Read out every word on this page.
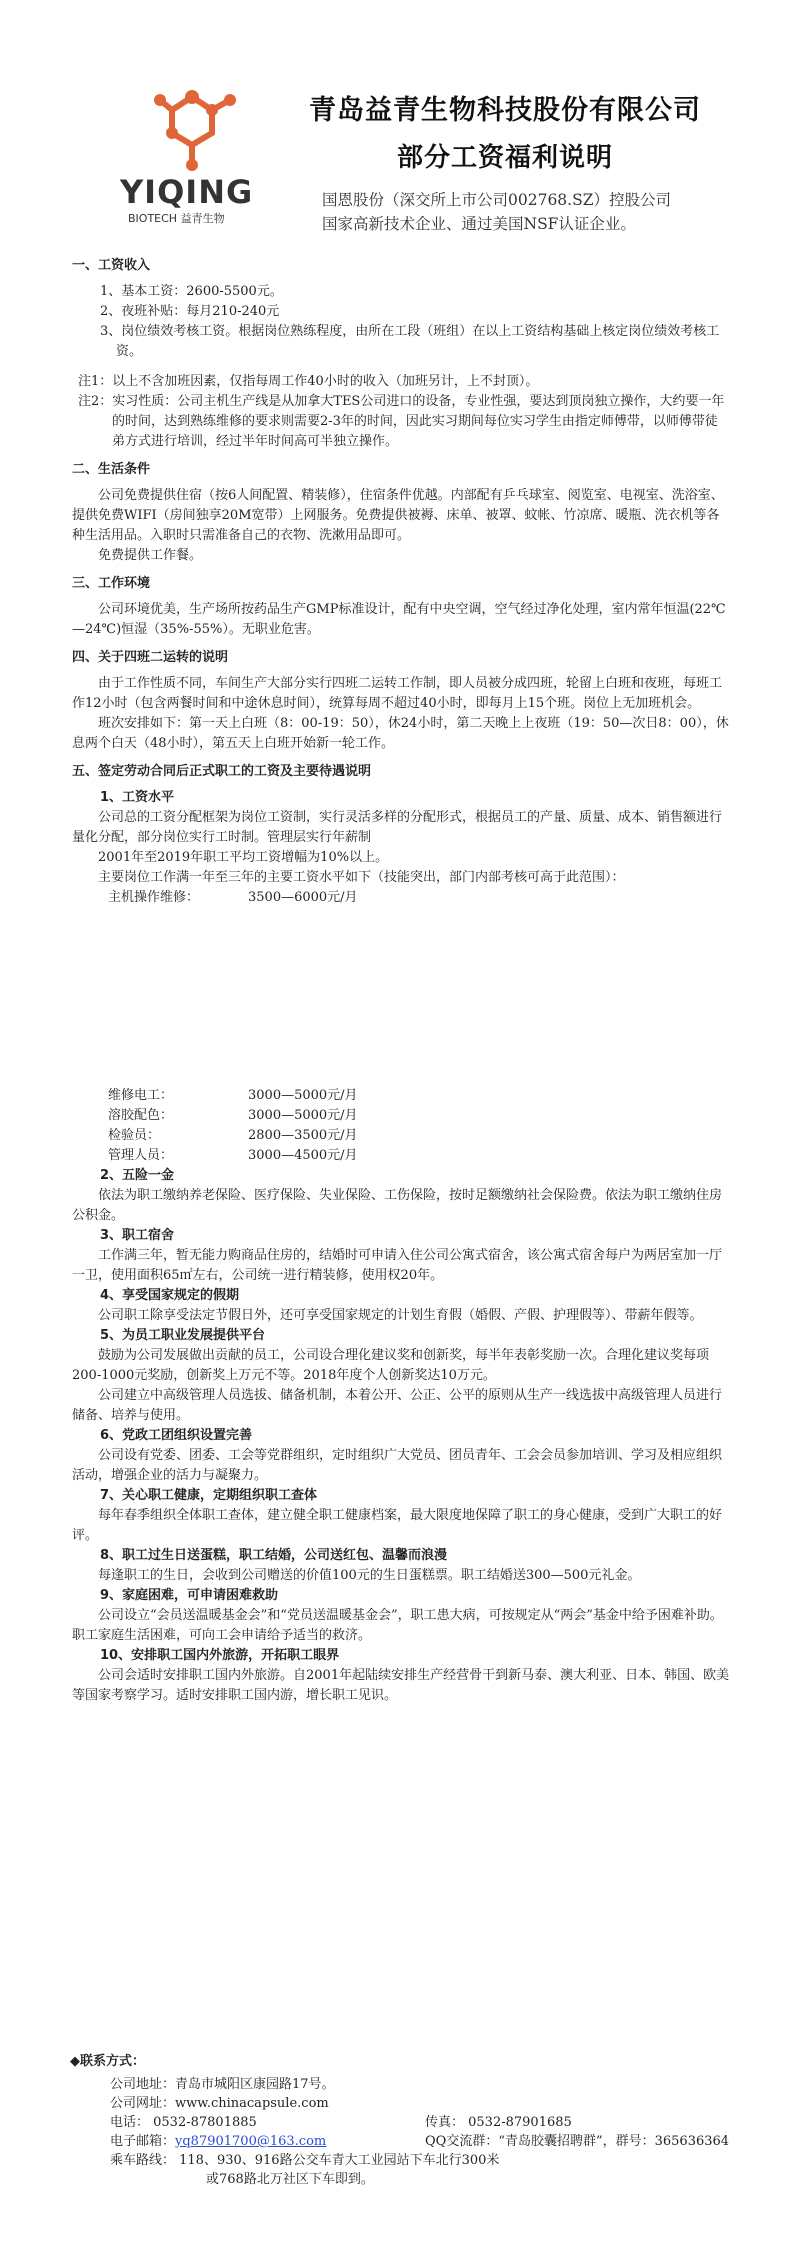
YIQING
BIOTECH 益青生物
青岛益青生物科技股份有限公司
部分工资福利说明
国恩股份（深交所上市公司002768.SZ）控股公司
国家高新技术企业、通过美国NSF认证企业。
一、工资收入

1、基本工资：2600-5500元。

2、夜班补贴：每月210-240元

3、岗位绩效考核工资。根据岗位熟练程度，由所在工段（班组）在以上工资结构基础上核定岗位绩效考核工资。

注1：以上不含加班因素，仅指每周工作40小时的收入（加班另计，上不封顶）。

注2：实习性质：公司主机生产线是从加拿大TES公司进口的设备，专业性强，要达到顶岗独立操作，大约要一年的时间，达到熟练维修的要求则需要2-3年的时间，因此实习期间每位实习学生由指定师傅带，以师傅带徒弟方式进行培训，经过半年时间高可半独立操作。

二、生活条件

公司免费提供住宿（按6人间配置、精装修），住宿条件优越。内部配有乒乓球室、阅览室、电视室、洗浴室、提供免费WIFI（房间独享20M宽带）上网服务。免费提供被褥、床单、被罩、蚊帐、竹凉席、暖瓶、洗衣机等各种生活用品。入职时只需准备自己的衣物、洗漱用品即可。

免费提供工作餐。

三、工作环境

公司环境优美，生产场所按药品生产GMP标准设计，配有中央空调，空气经过净化处理，室内常年恒温(22℃—24℃)恒湿（35%-55%）。无职业危害。

四、关于四班二运转的说明

由于工作性质不同，车间生产大部分实行四班二运转工作制，即人员被分成四班，轮留上白班和夜班，每班工作12小时（包含两餐时间和中途休息时间），统算每周不超过40小时，即每月上15个班。岗位上无加班机会。

班次安排如下：第一天上白班（8：00-19：50），休24小时，第二天晚上上夜班（19：50—次日8：00），休息两个白天（48小时），第五天上白班开始新一轮工作。

五、签定劳动合同后正式职工的工资及主要待遇说明

1、工资水平

公司总的工资分配框架为岗位工资制，实行灵活多样的分配形式，根据员工的产量、质量、成本、销售额进行量化分配，部分岗位实行工时制。管理层实行年薪制

2001年至2019年职工平均工资增幅为10%以上。

主要岗位工作满一年至三年的主要工资水平如下（技能突出，部门内部考核可高于此范围）：

主机操作维修：	3500—6000元/月

维修电工：	3000—5000元/月

溶胶配色：	3000—5000元/月

检验员：	2800—3500元/月

管理人员：	3000—4500元/月

2、五险一金

依法为职工缴纳养老保险、医疗保险、失业保险、工伤保险，按时足额缴纳社会保险费。依法为职工缴纳住房公积金。

3、职工宿舍

工作满三年，暂无能力购商品住房的，结婚时可申请入住公司公寓式宿舍，该公寓式宿舍每户为两居室加一厅一卫，使用面积65㎡左右，公司统一进行精装修，使用权20年。

4、享受国家规定的假期

公司职工除享受法定节假日外，还可享受国家规定的计划生育假（婚假、产假、护理假等）、带薪年假等。

5、为员工职业发展提供平台

鼓励为公司发展做出贡献的员工，公司设合理化建议奖和创新奖，每半年表彰奖励一次。合理化建议奖每项200-1000元奖励，创新奖上万元不等。2018年度个人创新奖达10万元。

公司建立中高级管理人员选拔、储备机制，本着公开、公正、公平的原则从生产一线选拔中高级管理人员进行储备、培养与使用。

6、党政工团组织设置完善

公司设有党委、团委、工会等党群组织，定时组织广大党员、团员青年、工会会员参加培训、学习及相应组织活动，增强企业的活力与凝聚力。

7、关心职工健康，定期组织职工查体

每年春季组织全体职工查体，建立健全职工健康档案，最大限度地保障了职工的身心健康，受到广大职工的好评。

8、职工过生日送蛋糕，职工结婚，公司送红包、温馨而浪漫

每逢职工的生日，会收到公司赠送的价值100元的生日蛋糕票。职工结婚送300—500元礼金。

9、家庭困难，可申请困难救助

公司设立“会员送温暖基金会”和“党员送温暖基金会”，职工患大病，可按规定从“两会”基金中给予困难补助。职工家庭生活困难，可向工会申请给予适当的救济。

10、安排职工国内外旅游，开拓职工眼界

公司会适时安排职工国内外旅游。自2001年起陆续安排生产经营骨干到新马泰、澳大利亚、日本、韩国、欧美等国家考察学习。适时安排职工国内游，增长职工见识。

◆联系方式：

公司地址：青岛市城阳区康园路17号。

公司网址：www.chinacapsule.com

电话： 0532-87801885	传真： 0532-87901685

电子邮箱：yq87901700@163.com	QQ交流群：“青岛胶囊招聘群”，群号：365636364

乘车路线： 118、930、916路公交车青大工业园站下车北行300米

或768路北万社区下车即到。
